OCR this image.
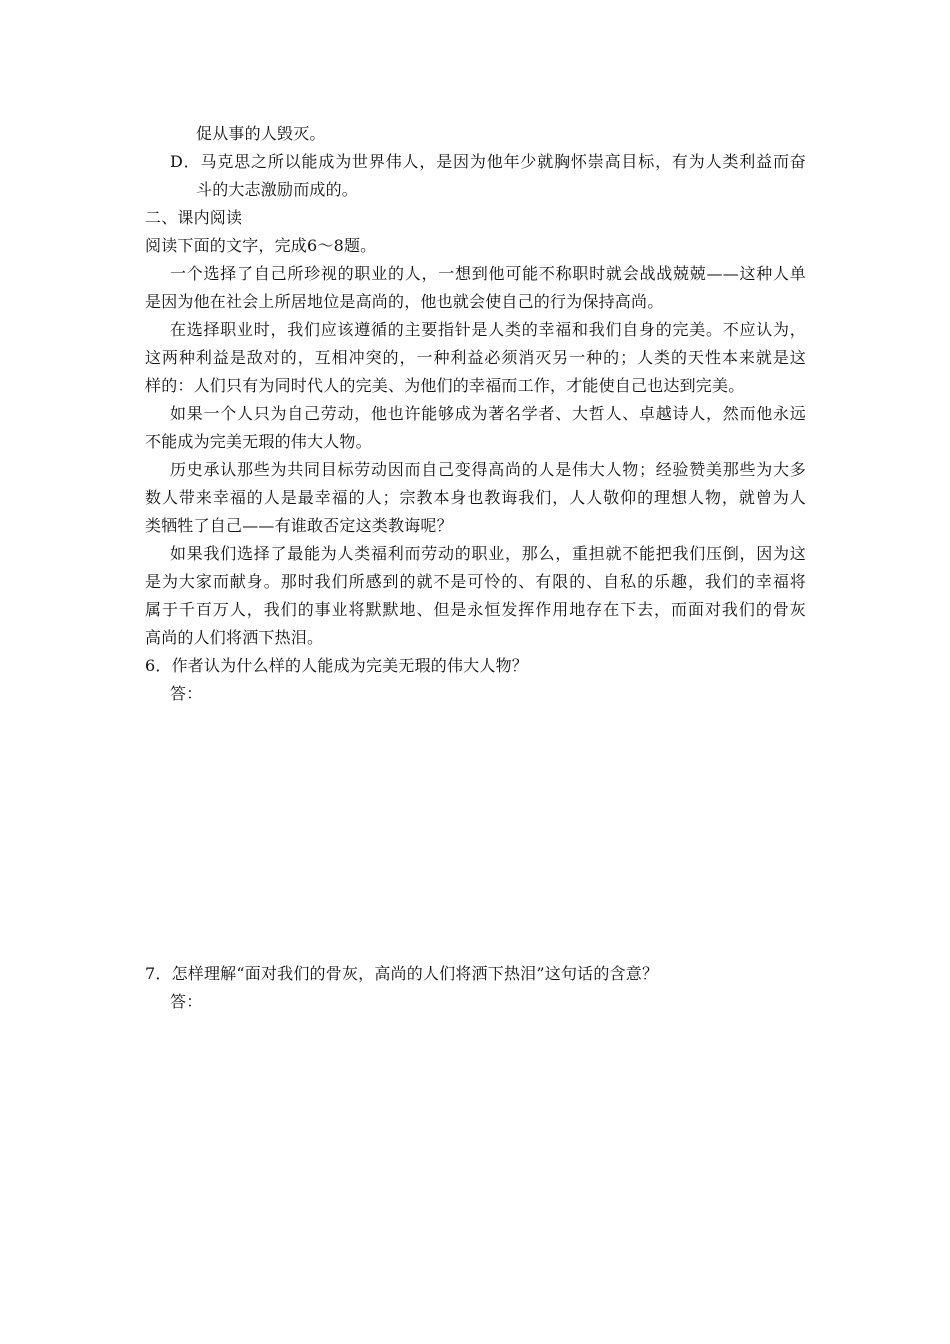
促从事的人毁灭。
D．马克思之所以能成为世界伟人，是因为他年少就胸怀崇高目标，有为人类利益而奋
斗的大志激励而成的。
二、课内阅读
阅读下面的文字，完成6～8题。
一个选择了自己所珍视的职业的人，一想到他可能不称职时就会战战兢兢——这种人单
是因为他在社会上所居地位是高尚的，他也就会使自己的行为保持高尚。
在选择职业时，我们应该遵循的主要指针是人类的幸福和我们自身的完美。不应认为，
这两种利益是敌对的，互相冲突的，一种利益必须消灭另一种的；人类的天性本来就是这
样的：人们只有为同时代人的完美、为他们的幸福而工作，才能使自己也达到完美。
如果一个人只为自己劳动，他也许能够成为著名学者、大哲人、卓越诗人，然而他永远
不能成为完美无瑕的伟大人物。
历史承认那些为共同目标劳动因而自己变得高尚的人是伟大人物；经验赞美那些为大多
数人带来幸福的人是最幸福的人；宗教本身也教诲我们，人人敬仰的理想人物，就曾为人
类牺牲了自己——有谁敢否定这类教诲呢？
如果我们选择了最能为人类福利而劳动的职业，那么，重担就不能把我们压倒，因为这
是为大家而献身。那时我们所感到的就不是可怜的、有限的、自私的乐趣，我们的幸福将
属于千百万人，我们的事业将默默地、但是永恒发挥作用地存在下去，而面对我们的骨灰
高尚的人们将洒下热泪。
6．作者认为什么样的人能成为完美无瑕的伟大人物？
答：
7．怎样理解“面对我们的骨灰，高尚的人们将洒下热泪”这句话的含意？
答：
